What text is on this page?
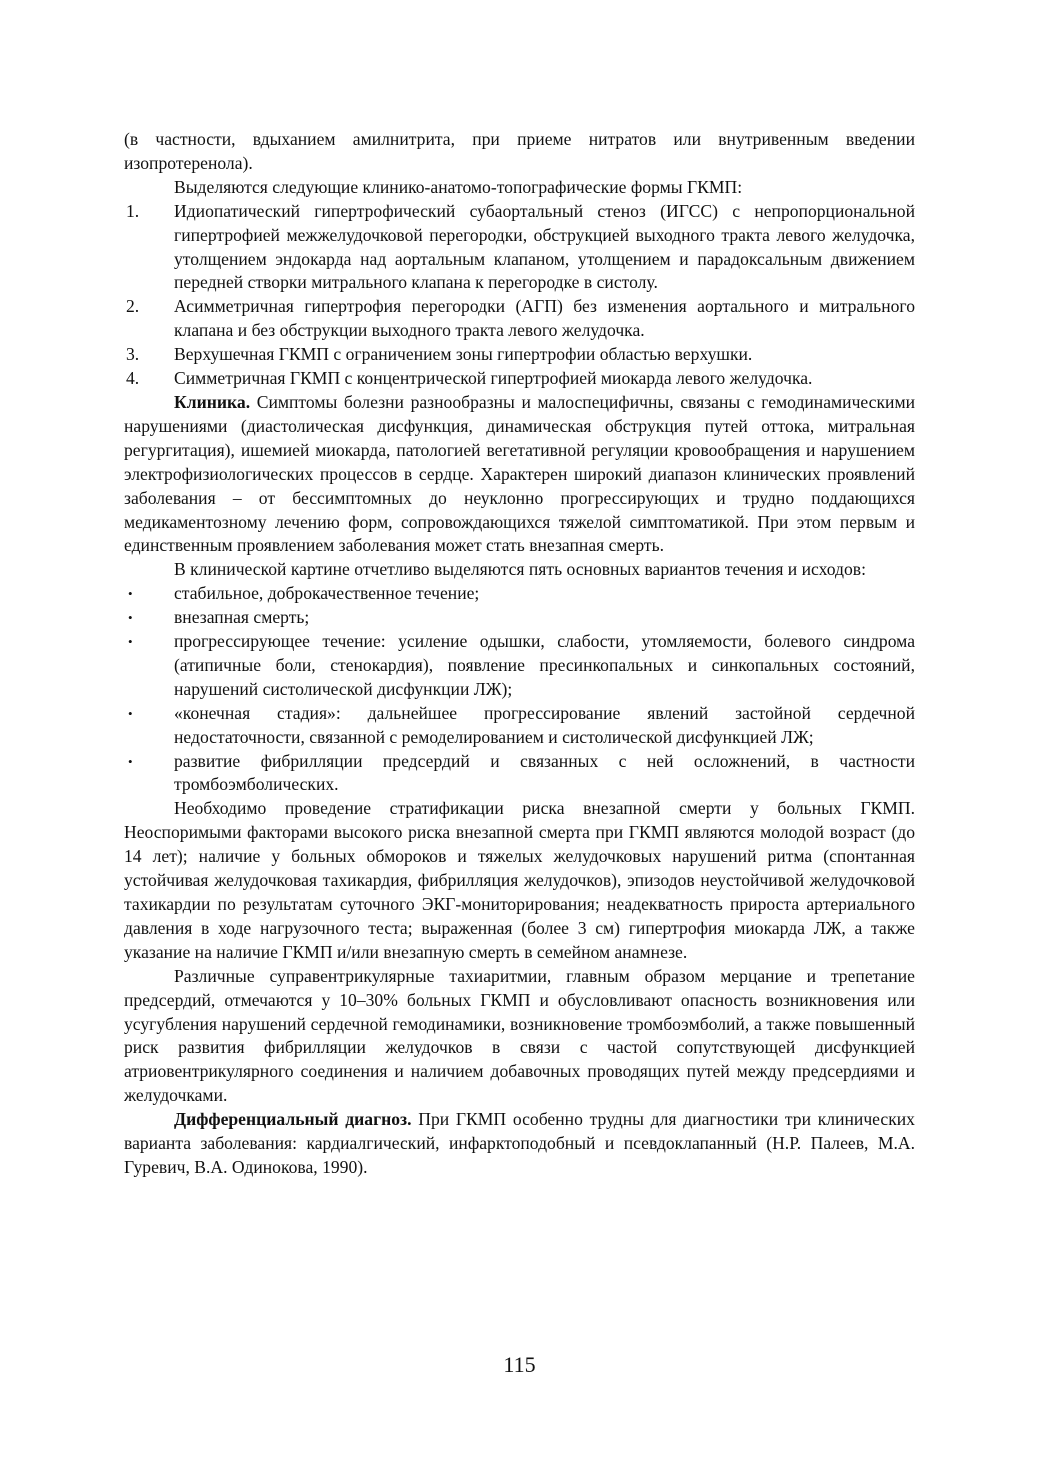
(в частности, вдыханием амилнитрита, при приеме нитратов или внутривенным введении изопротеренола).

Выделяются следующие клинико-анатомо-топографические формы ГКМП:

1. Идиопатический гипертрофический субаортальный стеноз (ИГСС) с непропорциональной гипертрофией межжелудочковой перегородки, обструкцией выходного тракта левого желудочка, утолщением эндокарда над аортальным клапаном, утолщением и парадоксальным движением передней створки митрального клапана к перегородке в систолу.
2. Асимметричная гипертрофия перегородки (АГП) без изменения аортального и митрального клапана и без обструкции выходного тракта левого желудочка.
3. Верхушечная ГКМП с ограничением зоны гипертрофии областью верхушки.
4. Симметричная ГКМП с концентрической гипертрофией миокарда левого желудочка.

Клиника. Симптомы болезни разнообразны и малоспецифичны, связаны с гемодинамическими нарушениями (диастолическая дисфункция, динамическая обструкция путей оттока, митральная регургитация), ишемией миокарда, патологией вегетативной регуляции кровообращения и нарушением электрофизиологических процессов в сердце. Характерен широкий диапазон клинических проявлений заболевания – от бессимптомных до неуклонно прогрессирующих и трудно поддающихся медикаментозному лечению форм, сопровождающихся тяжелой симптоматикой. При этом первым и единственным проявлением заболевания может стать внезапная смерть.

В клинической картине отчетливо выделяются пять основных вариантов течения и исходов:

• стабильное, доброкачественное течение;
• внезапная смерть;
• прогрессирующее течение: усиление одышки, слабости, утомляемости, болевого синдрома (атипичные боли, стенокардия), появление пресинкопальных и синкопальных состояний, нарушений систолической дисфункции ЛЖ);
• «конечная стадия»: дальнейшее прогрессирование явлений застойной сердечной недостаточности, связанной с ремоделированием и систолической дисфункцией ЛЖ;
• развитие фибрилляции предсердий и связанных с ней осложнений, в частности тромбоэмболических.

Необходимо проведение стратификации риска внезапной смерти у больных ГКМП. Неоспоримыми факторами высокого риска внезапной смерта при ГКМП являются молодой возраст (до 14 лет); наличие у больных обмороков и тяжелых желудочковых нарушений ритма (спонтанная устойчивая желудочковая тахикардия, фибрилляция желудочков), эпизодов неустойчивой желудочковой тахикардии по результатам суточного ЭКГ-мониторирования; неадекватность прироста артериального давления в ходе нагрузочного теста; выраженная (более 3 см) гипертрофия миокарда ЛЖ, а также указание на наличие ГКМП и/или внезапную смерть в семейном анамнезе.

Различные суправентрикулярные тахиаритмии, главным образом мерцание и трепетание предсердий, отмечаются у 10–30% больных ГКМП и обусловливают опасность возникновения или усугубления нарушений сердечной гемодинамики, возникновение тромбоэмболий, а также повышенный риск развития фибрилляции желудочков в связи с частой сопутствующей дисфункцией атриовентрикулярного соединения и наличием добавочных проводящих путей между предсердиями и желудочками.

Дифференциальный диагноз. При ГКМП особенно трудны для диагностики три клинических варианта заболевания: кардиалгический, инфарктоподобный и псевдоклапанный (Н.Р. Палеев, М.А. Гуревич, В.А. Одинокова, 1990).

115
